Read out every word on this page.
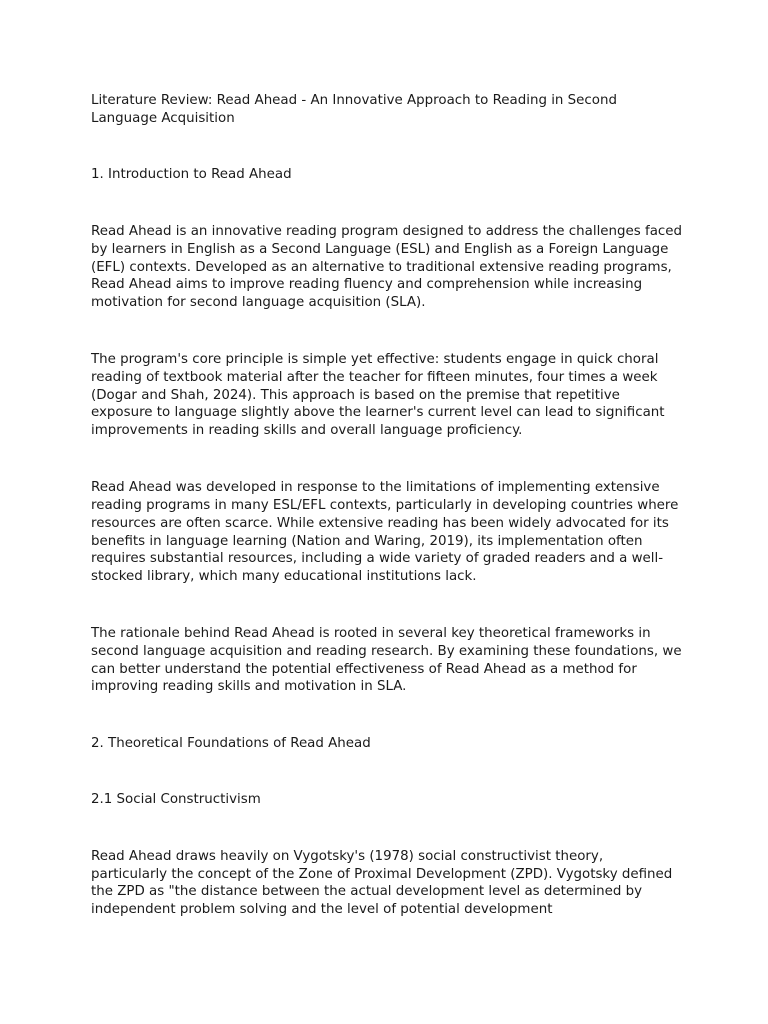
Literature Review: Read Ahead - An Innovative Approach to Reading in Second Language Acquisition

1. Introduction to Read Ahead

Read Ahead is an innovative reading program designed to address the challenges faced by learners in English as a Second Language (ESL) and English as a Foreign Language (EFL) contexts. Developed as an alternative to traditional extensive reading programs, Read Ahead aims to improve reading fluency and comprehension while increasing motivation for second language acquisition (SLA).

The program's core principle is simple yet effective: students engage in quick choral reading of textbook material after the teacher for fifteen minutes, four times a week (Dogar and Shah, 2024). This approach is based on the premise that repetitive exposure to language slightly above the learner's current level can lead to significant improvements in reading skills and overall language proficiency.

Read Ahead was developed in response to the limitations of implementing extensive reading programs in many ESL/EFL contexts, particularly in developing countries where resources are often scarce. While extensive reading has been widely advocated for its benefits in language learning (Nation and Waring, 2019), its implementation often requires substantial resources, including a wide variety of graded readers and a well-stocked library, which many educational institutions lack.

The rationale behind Read Ahead is rooted in several key theoretical frameworks in second language acquisition and reading research. By examining these foundations, we can better understand the potential effectiveness of Read Ahead as a method for improving reading skills and motivation in SLA.

2. Theoretical Foundations of Read Ahead

2.1 Social Constructivism

Read Ahead draws heavily on Vygotsky's (1978) social constructivist theory, particularly the concept of the Zone of Proximal Development (ZPD). Vygotsky defined the ZPD as "the distance between the actual development level as determined by independent problem solving and the level of potential development
